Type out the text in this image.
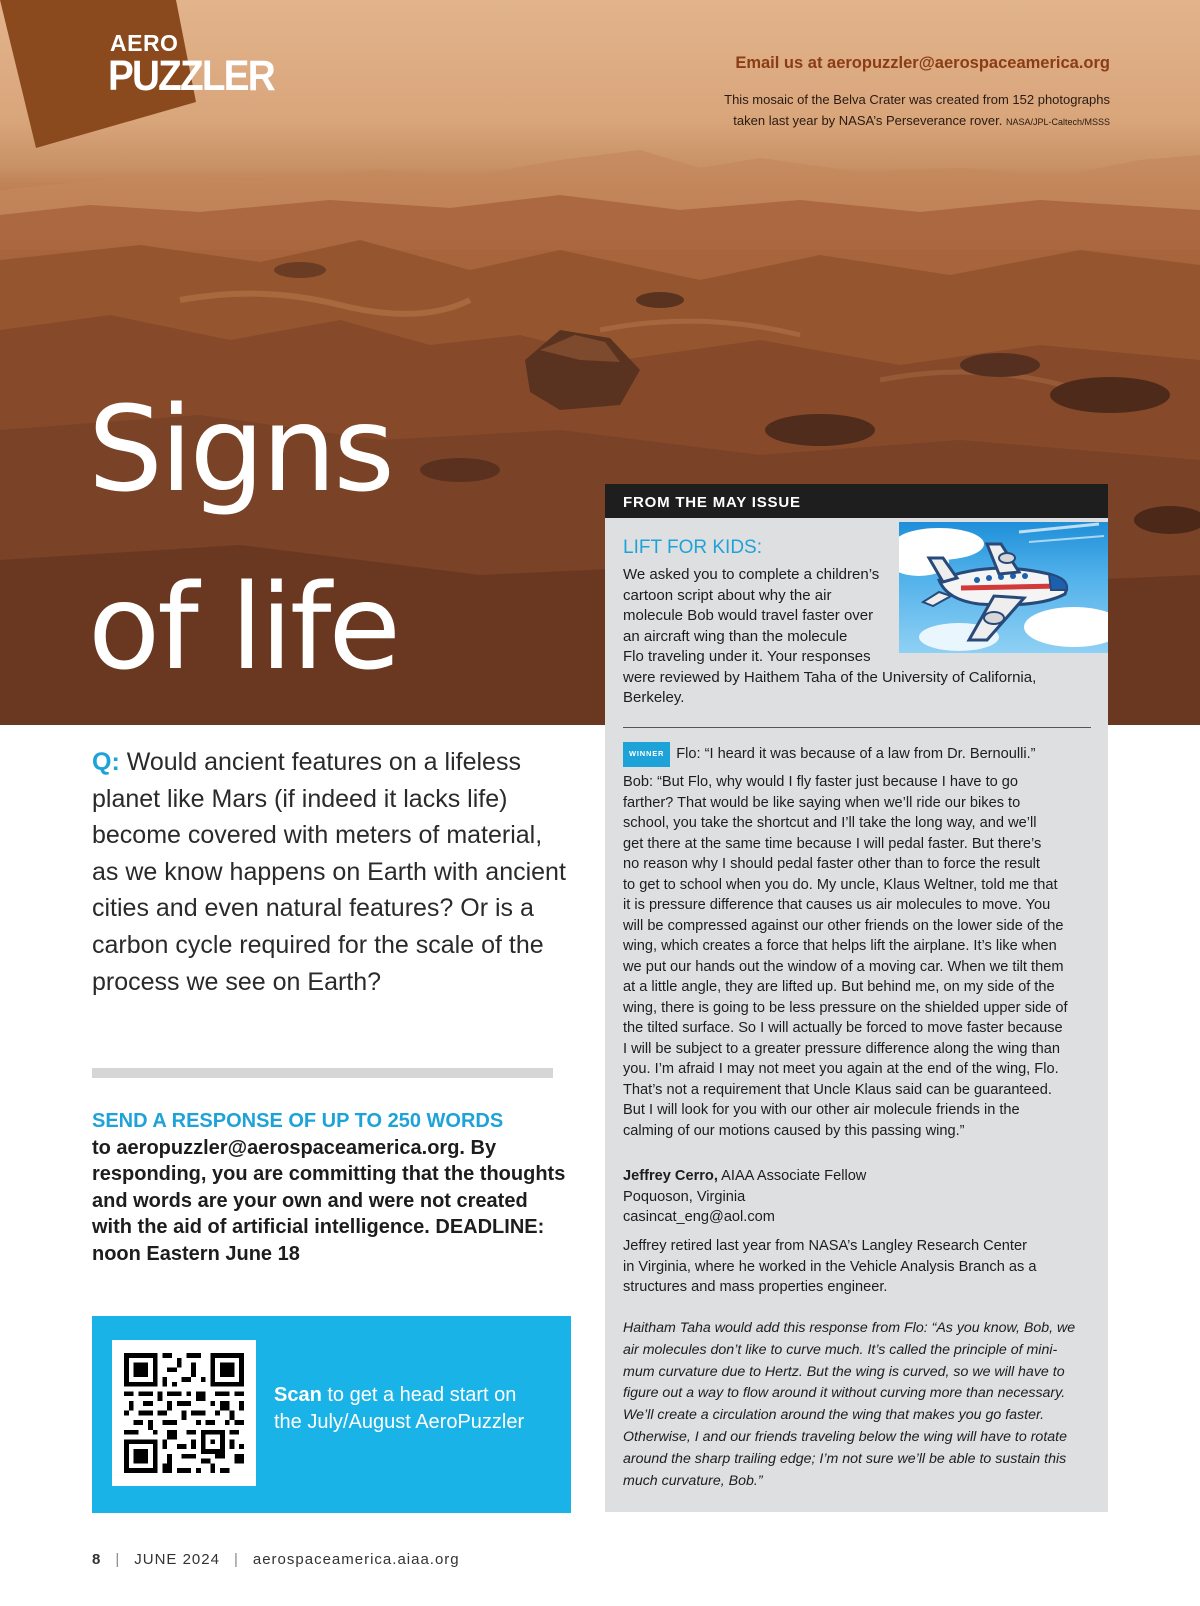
AERO
PUZZLER	Email us at aeropuzzler@aerospaceamerica.org
This mosaic of the Belva Crater was created from 152 photographs
taken last year by NASA’s Perseverance rover. NASA/JPL-Caltech/MSSS
Signs
of life
Q: Would ancient features on a lifeless planet like Mars (if indeed it lacks life) become covered with meters of material, as we know happens on Earth with ancient cities and even natural features? Or is a carbon cycle required for the scale of the process we see on Earth?
SEND A RESPONSE OF UP TO 250 WORDS
to aeropuzzler@aerospaceamerica.org. By responding, you are committing that the thoughts and words are your own and were not created with the aid of artificial intelligence. DEADLINE: noon Eastern June 18
Scan to get a head start on the July/August AeroPuzzler
8 | JUNE 2024 | aerospaceamerica.aiaa.org
FROM THE MAY ISSUE
LIFT FOR KIDS:
We asked you to complete a children’s
cartoon script about why the air
molecule Bob would travel faster over
an aircraft wing than the molecule
Flo traveling under it. Your responses
were reviewed by Haithem Taha of the University of California,
Berkeley.
WINNER Flo: “I heard it was because of a law from Dr. Bernoulli.”
Bob: “But Flo, why would I fly faster just because I have to go
farther? That would be like saying when we’ll ride our bikes to
school, you take the shortcut and I’ll take the long way, and we’ll
get there at the same time because I will pedal faster. But there’s
no reason why I should pedal faster other than to force the result
to get to school when you do. My uncle, Klaus Weltner, told me that
it is pressure difference that causes us air molecules to move. You
will be compressed against our other friends on the lower side of the
wing, which creates a force that helps lift the airplane. It’s like when
we put our hands out the window of a moving car. When we tilt them
at a little angle, they are lifted up. But behind me, on my side of the
wing, there is going to be less pressure on the shielded upper side of
the tilted surface. So I will actually be forced to move faster because
I will be subject to a greater pressure difference along the wing than
you. I’m afraid I may not meet you again at the end of the wing, Flo.
That’s not a requirement that Uncle Klaus said can be guaranteed.
But I will look for you with our other air molecule friends in the
calming of our motions caused by this passing wing.”
Jeffrey Cerro, AIAA Associate Fellow
Poquoson, Virginia
casincat_eng@aol.com
Jeffrey retired last year from NASA’s Langley Research Center
in Virginia, where he worked in the Vehicle Analysis Branch as a
structures and mass properties engineer.
Haitham Taha would add this response from Flo: “As you know, Bob, we
air molecules don’t like to curve much. It’s called the principle of mini-
mum curvature due to Hertz. But the wing is curved, so we will have to
figure out a way to flow around it without curving more than necessary.
We’ll create a circulation around the wing that makes you go faster.
Otherwise, I and our friends traveling below the wing will have to rotate
around the sharp trailing edge; I’m not sure we’ll be able to sustain this
much curvature, Bob.”
